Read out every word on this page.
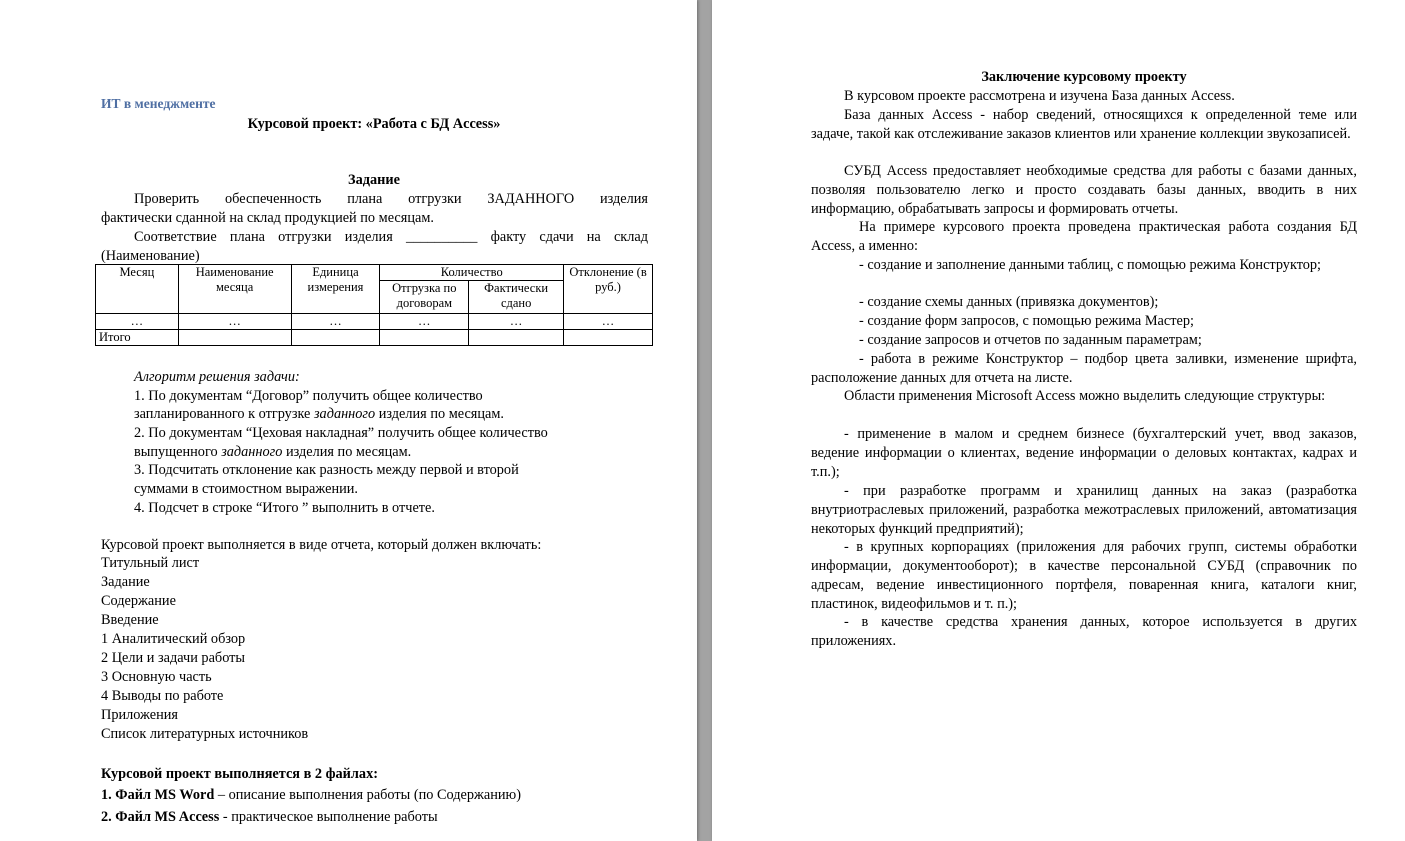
ИТ в менеджменте
Курсовой проект: «Работа с БД Access»
Задание
Проверить обеспеченность плана отгрузки ЗАДАННОГО изделия
фактически сданной на склад продукцией по месяцам.
Соответствие плана отгрузки изделия __________ факту сдачи на склад
(Наименование)
Месяц	Наименование месяца	Единица измерения	Количество		Отклонение (в руб.)
			Отгрузка по договорам	Фактически сдано	
…	…	…	…	…	…
Итого					
Алгоритм решения задачи:
1. По документам “Договор” получить общее количество
запланированного к отгрузке заданного изделия по месяцам.
2. По документам “Цеховая накладная” получить общее количество
выпущенного заданного изделия по месяцам.
3. Подсчитать отклонение как разность между первой и второй
суммами в стоимостном выражении.
4. Подсчет в строке “Итого ” выполнить в отчете.
Курсовой проект выполняется в виде отчета, который должен включать:
Титульный лист
Задание
Содержание
Введение
1 Аналитический обзор
2 Цели и задачи работы
3 Основную часть
4 Выводы по работе
Приложения
Список литературных источников
Курсовой проект выполняется в 2 файлах:
1. Файл MS Word – описание выполнения работы (по Содержанию)
2. Файл MS Access - практическое выполнение работы
Заключение курсовому проекту
В курсовом проекте рассмотрена и изучена База данных Access.
База данных Access - набор сведений, относящихся к определенной теме или задаче, такой как отслеживание заказов клиентов или хранение коллекции звукозаписей.
СУБД Access предоставляет необходимые средства для работы с базами данных, позволяя пользователю легко и просто создавать базы данных, вводить в них информацию, обрабатывать запросы и формировать отчеты.
На примере курсового проекта проведена практическая работа создания БД Access, а именно:
- создание и заполнение данными таблиц, с помощью режима Конструктор;
- создание схемы данных (привязка документов);
- создание форм запросов, с помощью режима Мастер;
- создание запросов и отчетов по заданным параметрам;
- работа в режиме Конструктор – подбор цвета заливки, изменение шрифта, расположение данных для отчета на листе.
Области применения Microsoft Access можно выделить следующие структуры:
- применение в малом и среднем бизнесе (бухгалтерский учет, ввод заказов, ведение информации о клиентах, ведение информации о деловых контактах, кадрах и т.п.);
- при разработке программ и хранилищ данных на заказ (разработка внутриотраслевых приложений, разработка межотраслевых приложений, автоматизация некоторых функций предприятий);
- в крупных корпорациях (приложения для рабочих групп, системы обработки информации, документооборот); в качестве персональной СУБД (справочник по адресам, ведение инвестиционного портфеля, поваренная книга, каталоги книг, пластинок, видеофильмов и т. п.);
- в качестве средства хранения данных, которое используется в других приложениях.
